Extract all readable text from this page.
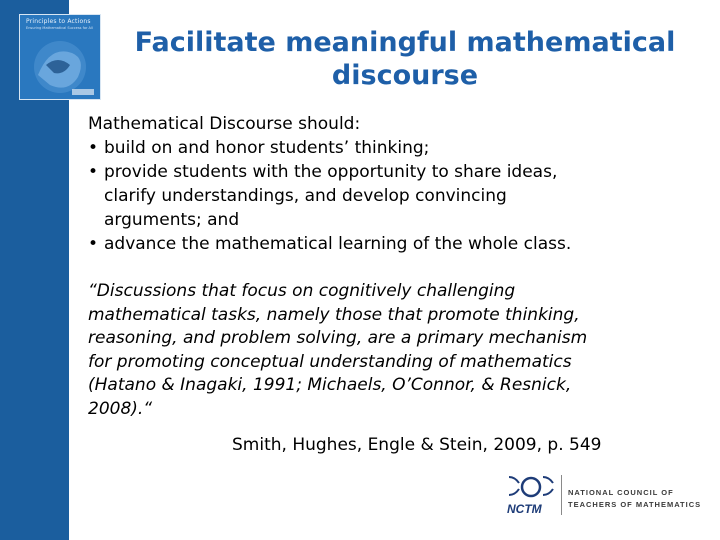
Principles to Actions
Ensuring Mathematical Success for All	Facilitate meaningful mathematical
discourse

Mathematical Discourse should:

• build on and honor students’ thinking;
• provide students with the opportunity to share ideas,
clarify understandings, and develop convincing
arguments; and
• advance the mathematical learning of the whole class.
“Discussions that focus on cognitively challenging
mathematical tasks, namely those that promote thinking,
reasoning, and problem solving, are a primary mechanism
for promoting conceptual understanding of mathematics
(Hatano & Inagaki, 1991; Michaels, O’Connor, & Resnick,
2008).“
Smith, Hughes, Engle & Stein, 2009, p. 549
NCTM
NATIONAL COUNCIL OF
TEACHERS OF MATHEMATICS
